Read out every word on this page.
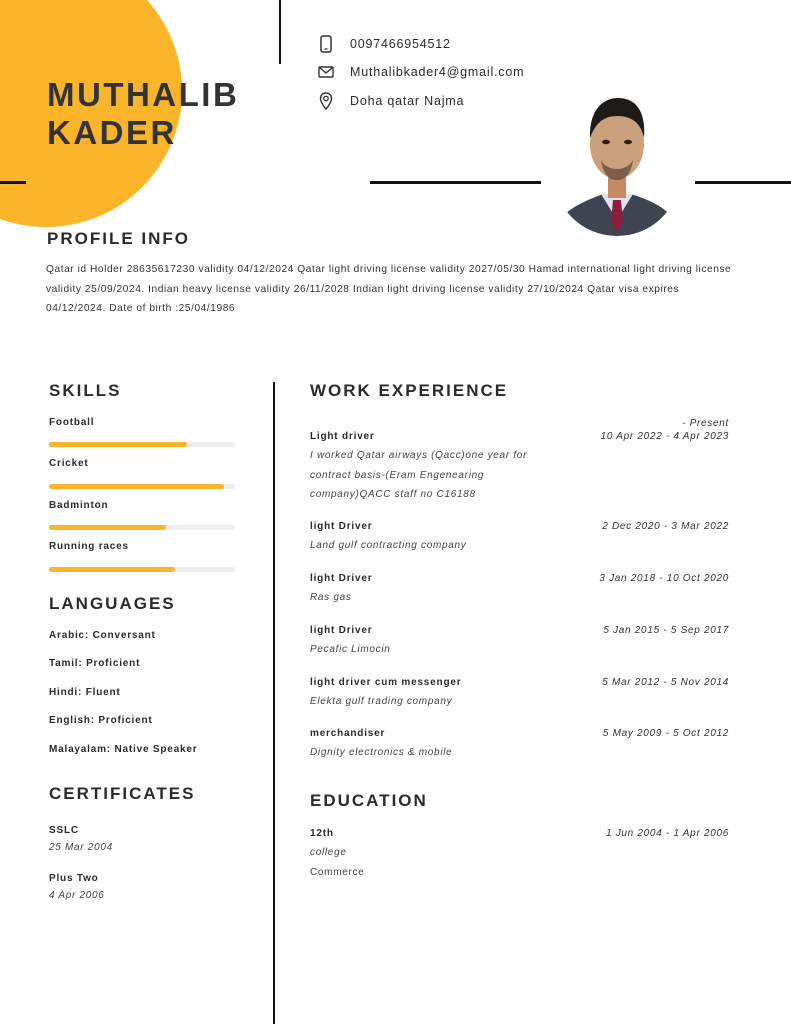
MUTHALIB
KADER
0097466954512
Muthalibkader4@gmail.com
Doha qatar Najma
PROFILE INFO
Qatar id Holder 28635617230 validity 04/12/2024 Qatar light driving license validity 2027/05/30 Hamad international light driving license validity 25/09/2024. Indian heavy license validity 26/11/2028 Indian light driving license validity 27/10/2024 Qatar visa expires 04/12/2024. Date of birth :25/04/1986
SKILLS
Football
Cricket
Badminton
Running races
LANGUAGES
Arabic: Conversant
Tamil: Proficient
Hindi: Fluent
English: Proficient
Malayalam: Native Speaker
CERTIFICATES
SSLC
25 Mar 2004
Plus Two
4 Apr 2006
WORK EXPERIENCE
- Present
Light driver	10 Apr 2022 - 4 Apr 2023
I worked Qatar airways (Qacc)one year for
contract basis-(Eram Engenearing
company)QACC staff no C16188
light Driver	2 Dec 2020 - 3 Mar 2022
Land gulf contracting company
light Driver	3 Jan 2018 - 10 Oct 2020
Ras gas
light Driver	5 Jan 2015 - 5 Sep 2017
Pecafic Limocin
light driver cum messenger	5 Mar 2012 - 5 Nov 2014
Elekta gulf trading company
merchandiser	5 May 2009 - 5 Oct 2012
Dignity electronics & mobile
EDUCATION
12th	1 Jun 2004 - 1 Apr 2006
college
Commerce
